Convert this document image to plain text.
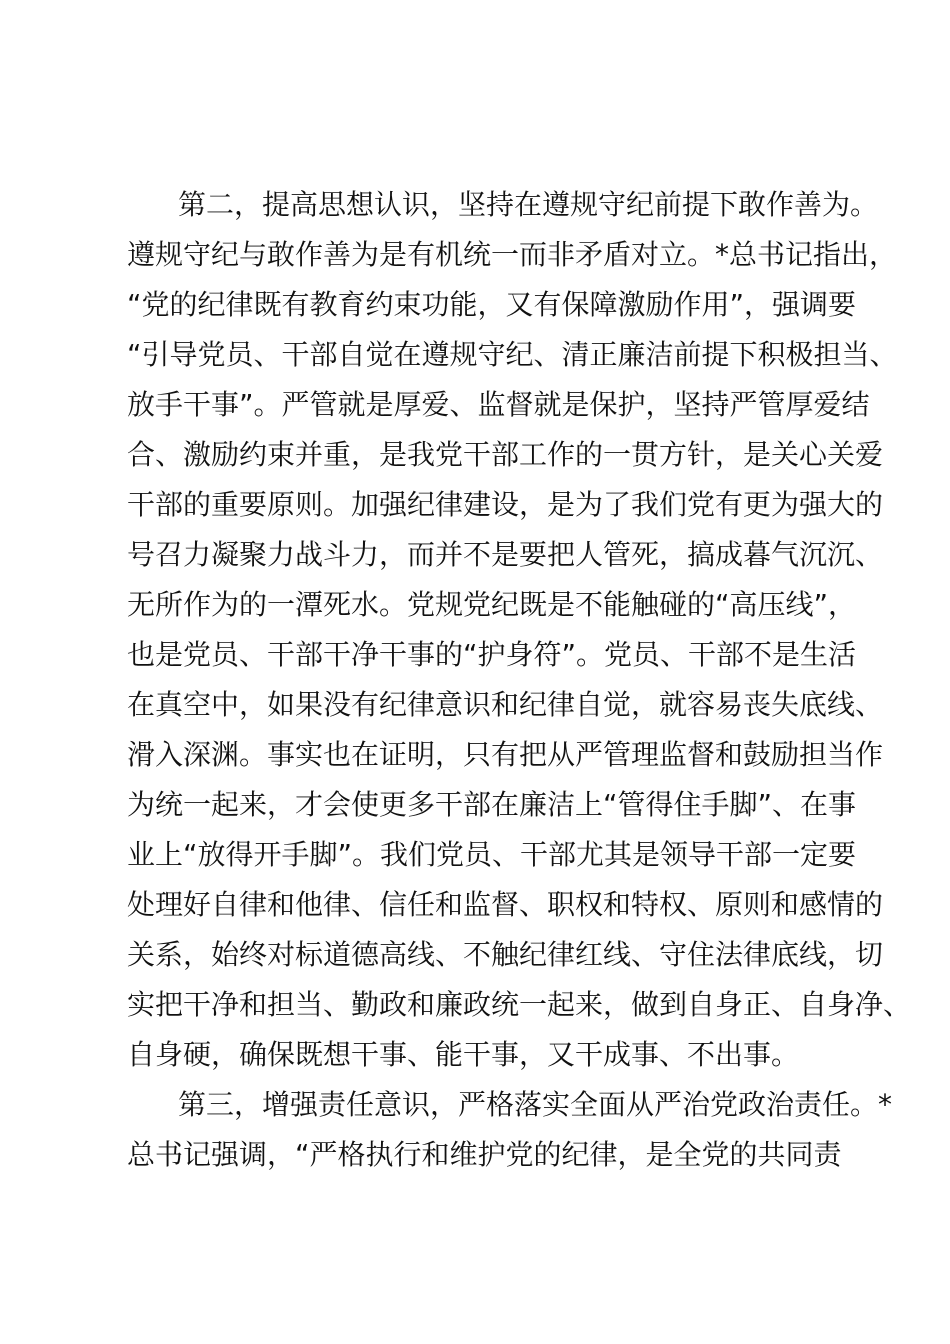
第二，提高思想认识，坚持在遵规守纪前提下敢作善为。
遵规守纪与敢作善为是有机统一而非矛盾对立。*总书记指出，
“党的纪律既有教育约束功能，又有保障激励作用”，强调要
“引导党员、干部自觉在遵规守纪、清正廉洁前提下积极担当、
放手干事”。严管就是厚爱、监督就是保护，坚持严管厚爱结
合、激励约束并重，是我党干部工作的一贯方针，是关心关爱
干部的重要原则。加强纪律建设，是为了我们党有更为强大的
号召力凝聚力战斗力，而并不是要把人管死，搞成暮气沉沉、
无所作为的一潭死水。党规党纪既是不能触碰的“高压线”，
也是党员、干部干净干事的“护身符”。党员、干部不是生活
在真空中，如果没有纪律意识和纪律自觉，就容易丧失底线、
滑入深渊。事实也在证明，只有把从严管理监督和鼓励担当作
为统一起来，才会使更多干部在廉洁上“管得住手脚”、在事
业上“放得开手脚”。我们党员、干部尤其是领导干部一定要
处理好自律和他律、信任和监督、职权和特权、原则和感情的
关系，始终对标道德高线、不触纪律红线、守住法律底线，切
实把干净和担当、勤政和廉政统一起来，做到自身正、自身净、
自身硬，确保既想干事、能干事，又干成事、不出事。
第三，增强责任意识，严格落实全面从严治党政治责任。*
总书记强调，“严格执行和维护党的纪律，是全党的共同责
